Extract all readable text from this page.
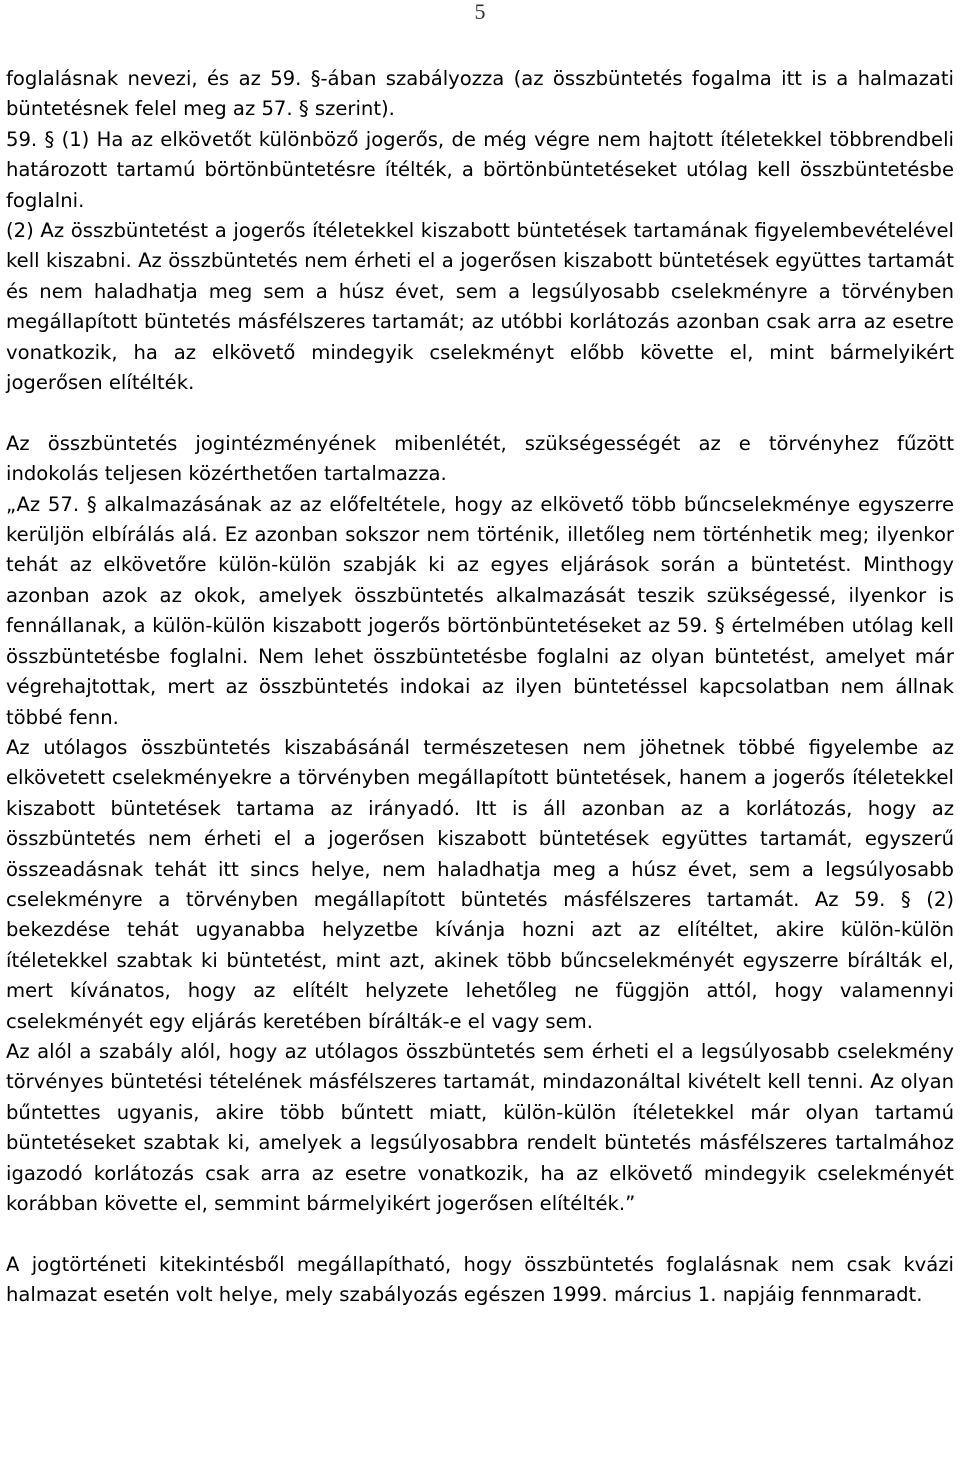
5

foglalásnak nevezi, és az 59. §-ában szabályozza (az összbüntetés fogalma itt is a halmazati büntetésnek felel meg az 57. § szerint).

59. § (1) Ha az elkövetőt különböző jogerős, de még végre nem hajtott ítéletekkel többrendbeli határozott tartamú börtönbüntetésre ítélték, a börtönbüntetéseket utólag kell összbüntetésbe foglalni.

(2) Az összbüntetést a jogerős ítéletekkel kiszabott büntetések tartamának figyelembevételével kell kiszabni. Az összbüntetés nem érheti el a jogerősen kiszabott büntetések együttes tartamát és nem haladhatja meg sem a húsz évet, sem a legsúlyosabb cselekményre a törvényben megállapított büntetés másfélszeres tartamát; az utóbbi korlátozás azonban csak arra az esetre vonatkozik, ha az elkövető mindegyik cselekményt előbb követte el, mint bármelyikért jogerősen elítélték.

Az összbüntetés jogintézményének mibenlétét, szükségességét az e törvényhez fűzött indokolás teljesen közérthetően tartalmazza.

„Az 57. § alkalmazásának az az előfeltétele, hogy az elkövető több bűncselekménye egyszerre kerüljön elbírálás alá. Ez azonban sokszor nem történik, illetőleg nem történhetik meg; ilyenkor tehát az elkövetőre külön-külön szabják ki az egyes eljárások során a büntetést. Minthogy azonban azok az okok, amelyek összbüntetés alkalmazását teszik szükségessé, ilyenkor is fennállanak, a külön-külön kiszabott jogerős börtönbüntetéseket az 59. § értelmében utólag kell összbüntetésbe foglalni. Nem lehet összbüntetésbe foglalni az olyan büntetést, amelyet már végrehajtottak, mert az összbüntetés indokai az ilyen büntetéssel kapcsolatban nem állnak többé fenn.

Az utólagos összbüntetés kiszabásánál természetesen nem jöhetnek többé figyelembe az elkövetett cselekményekre a törvényben megállapított büntetések, hanem a jogerős ítéletekkel kiszabott büntetések tartama az irányadó. Itt is áll azonban az a korlátozás, hogy az összbüntetés nem érheti el a jogerősen kiszabott büntetések együttes tartamát, egyszerű összeadásnak tehát itt sincs helye, nem haladhatja meg a húsz évet, sem a legsúlyosabb cselekményre a törvényben megállapított büntetés másfélszeres tartamát. Az 59. § (2) bekezdése tehát ugyanabba helyzetbe kívánja hozni azt az elítéltet, akire külön-külön ítéletekkel szabtak ki büntetést, mint azt, akinek több bűncselekményét egyszerre bírálták el, mert kívánatos, hogy az elítélt helyzete lehetőleg ne függjön attól, hogy valamennyi cselekményét egy eljárás keretében bírálták-e el vagy sem.

Az alól a szabály alól, hogy az utólagos összbüntetés sem érheti el a legsúlyosabb cselekmény törvényes büntetési tételének másfélszeres tartamát, mindazonáltal kivételt kell tenni. Az olyan bűntettes ugyanis, akire több bűntett miatt, külön-külön ítéletekkel már olyan tartamú büntetéseket szabtak ki, amelyek a legsúlyosabbra rendelt büntetés másfélszeres tartalmához igazodó korlátozás csak arra az esetre vonatkozik, ha az elkövető mindegyik cselekményét korábban követte el, semmint bármelyikért jogerősen elítélték.”

A jogtörténeti kitekintésből megállapítható, hogy összbüntetés foglalásnak nem csak kvázi halmazat esetén volt helye, mely szabályozás egészen 1999. március 1. napjáig fennmaradt.
